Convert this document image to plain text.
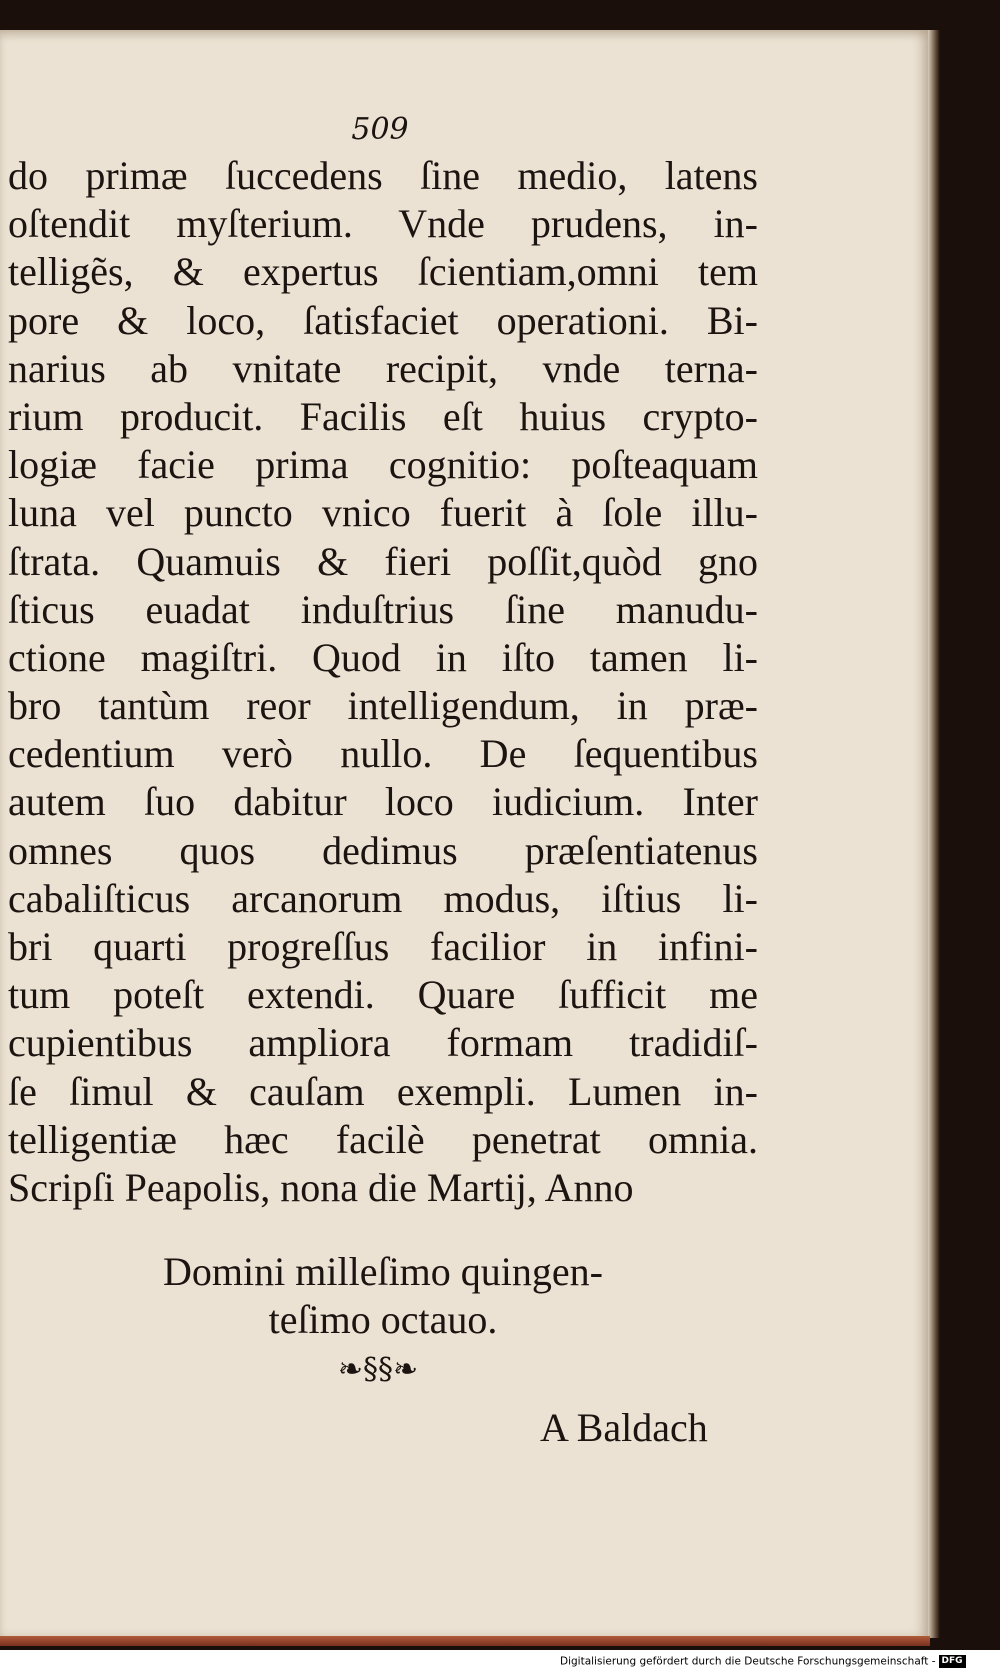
509
do primæ ſuccedens ſine medio, latens
oſtendit myſterium. Vnde prudens, in-
telligẽs, & expertus ſcientiam,omni tem
pore & loco, ſatisfaciet operationi. Bi-
narius ab vnitate recipit, vnde terna-
rium producit. Facilis eſt huius crypto-
logiæ facie prima cognitio: poſteaquam
luna vel puncto vnico fuerit à ſole illu-
ſtrata. Quamuis & fieri poſſit,quòd gno
ſticus euadat induſtrius ſine manudu-
ctione magiſtri. Quod in iſto tamen li-
bro tantùm reor intelligendum, in præ-
cedentium verò nullo. De ſequentibus
autem ſuo dabitur loco iudicium. Inter
omnes quos dedimus præſentiatenus
cabaliſticus arcanorum modus, iſtius li-
bri quarti progreſſus facilior in infini-
tum poteſt extendi. Quare ſufficit me
cupientibus ampliora formam tradidiſ-
ſe ſimul & cauſam exempli. Lumen in-
telligentiæ hæc facilè penetrat omnia.
Scripſi Peapolis, nona die Martij, Anno
Domini milleſimo quingen-
teſimo octauo.
❧§§❧
A Baldach
Digitalisierung gefördert durch die Deutsche Forschungsgemeinschaft - DFG
